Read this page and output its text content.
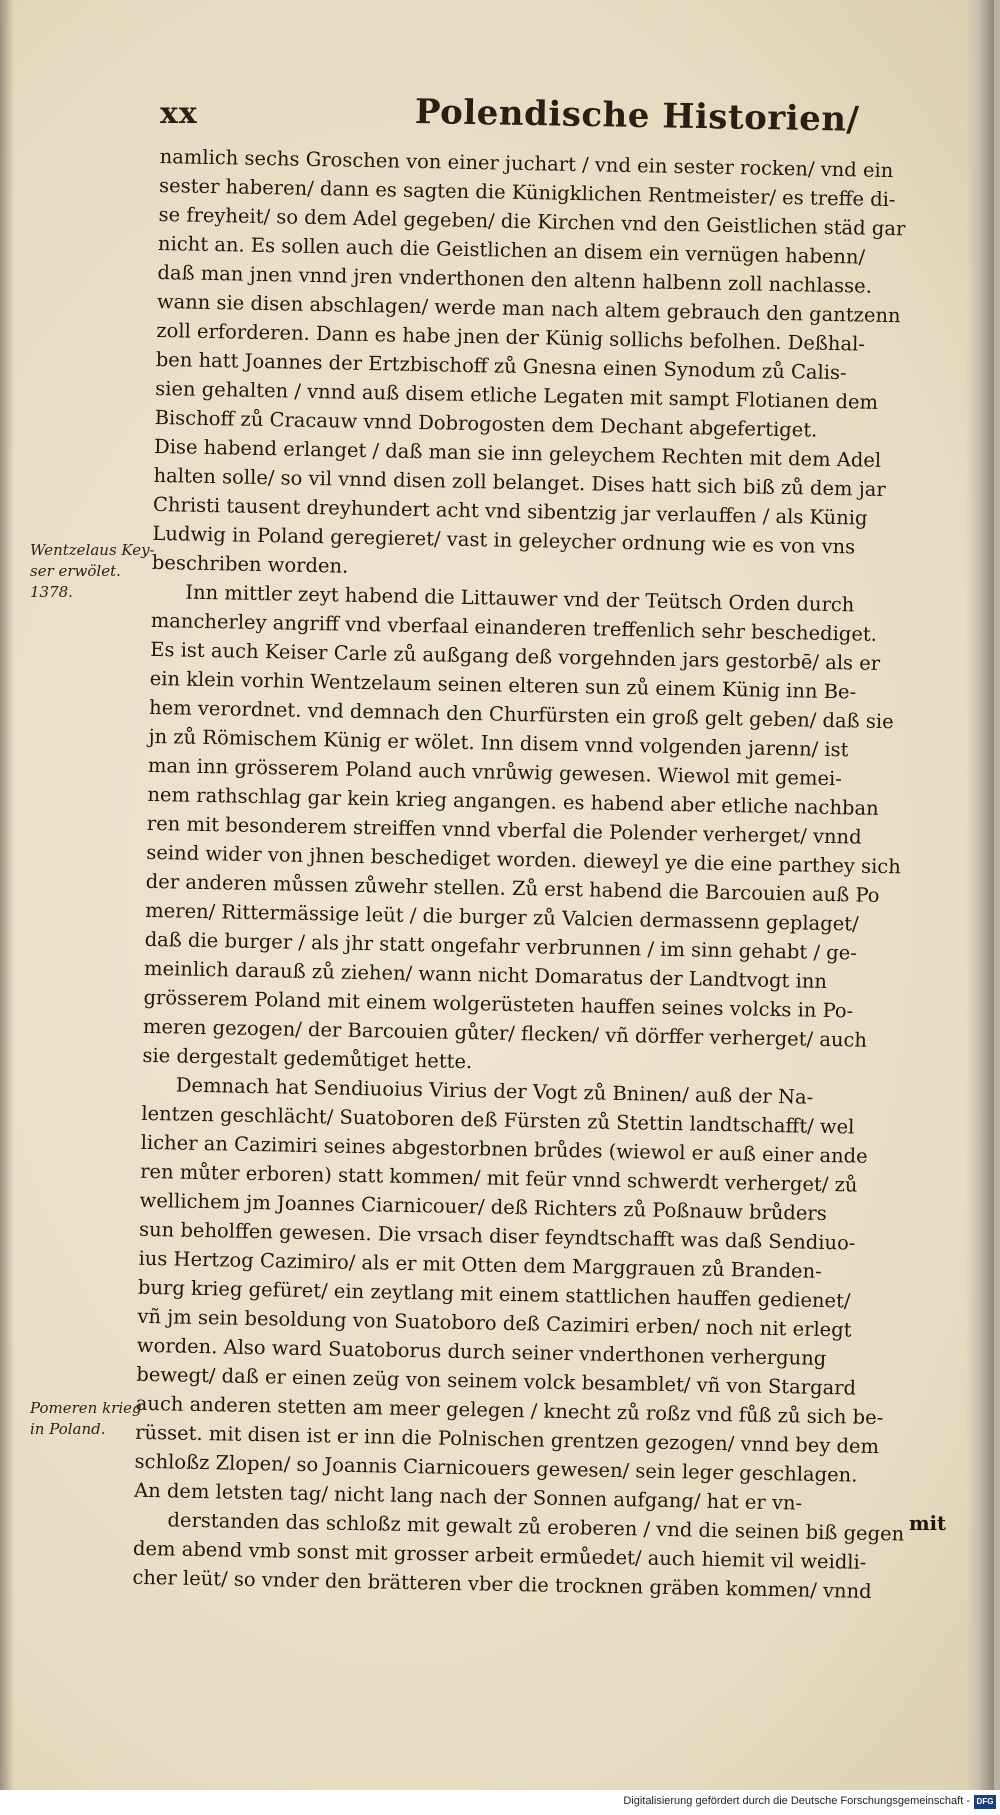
xx	Polendische Historien/
Wentzelaus Key-
ser erwölet.
1378.
Pomeren krieg
in Poland.
namlich sechs Groschen von einer juchart / vnd ein sester rocken/ vnd ein
sester haberen/ dann es sagten die Künigklichen Rentmeister/ es treffe di-
se freyheit/ so dem Adel gegeben/ die Kirchen vnd den Geistlichen städ gar
nicht an. Es sollen auch die Geistlichen an disem ein vernügen habenn/
daß man jnen vnnd jren vnderthonen den altenn halbenn zoll nachlasse.
wann sie disen abschlagen/ werde man nach altem gebrauch den gantzenn
zoll erforderen. Dann es habe jnen der Künig sollichs befolhen. Deßhal-
ben hatt Joannes der Ertzbischoff zů Gnesna einen Synodum zů Calis-
sien gehalten / vnnd auß disem etliche Legaten mit sampt Flotianen dem
Bischoff zů Cracauw vnnd Dobrogosten dem Dechant abgefertiget.
Dise habend erlanget / daß man sie inn geleychem Rechten mit dem Adel
halten solle/ so vil vnnd disen zoll belanget. Dises hatt sich biß zů dem jar
Christi tausent dreyhundert acht vnd sibentzig jar verlauffen / als Künig
Ludwig in Poland geregieret/ vast in geleycher ordnung wie es von vns
beschriben worden.
Inn mittler zeyt habend die Littauwer vnd der Teütsch Orden durch
mancherley angriff vnd vberfaal einanderen treffenlich sehr beschediget.
Es ist auch Keiser Carle zů außgang deß vorgehnden jars gestorbē/ als er
ein klein vorhin Wentzelaum seinen elteren sun zů einem Künig inn Be-
hem verordnet. vnd demnach den Churfürsten ein groß gelt geben/ daß sie
jn zů Römischem Künig er wölet. Inn disem vnnd volgenden jarenn/ ist
man inn grösserem Poland auch vnrůwig gewesen. Wiewol mit gemei-
nem rathschlag gar kein krieg angangen. es habend aber etliche nachban
ren mit besonderem streiffen vnnd vberfal die Polender verherget/ vnnd
seind wider von jhnen beschediget worden. dieweyl ye die eine parthey sich
der anderen můssen zůwehr stellen. Zů erst habend die Barcouien auß Po
meren/ Rittermässige leüt / die burger zů Valcien dermassenn geplaget/
daß die burger / als jhr statt ongefahr verbrunnen / im sinn gehabt / ge-
meinlich darauß zů ziehen/ wann nicht Domaratus der Landtvogt inn
grösserem Poland mit einem wolgerüsteten hauffen seines volcks in Po-
meren gezogen/ der Barcouien gůter/ flecken/ vñ dörffer verherget/ auch
sie dergestalt gedemůtiget hette.
Demnach hat Sendiuoius Virius der Vogt zů Bninen/ auß der Na-
lentzen geschlächt/ Suatoboren deß Fürsten zů Stettin landtschafft/ wel
licher an Cazimiri seines abgestorbnen brůdes (wiewol er auß einer ande
ren můter erboren) statt kommen/ mit feür vnnd schwerdt verherget/ zů
wellichem jm Joannes Ciarnicouer/ deß Richters zů Poßnauw brůders
sun beholffen gewesen. Die vrsach diser feyndtschafft was daß Sendiuo-
ius Hertzog Cazimiro/ als er mit Otten dem Marggrauen zů Branden-
burg krieg gefüret/ ein zeytlang mit einem stattlichen hauffen gedienet/
vñ jm sein besoldung von Suatoboro deß Cazimiri erben/ noch nit erlegt
worden. Also ward Suatoborus durch seiner vnderthonen verhergung
bewegt/ daß er einen zeüg von seinem volck besamblet/ vñ von Stargard
auch anderen stetten am meer gelegen / knecht zů roßz vnd fůß zů sich be-
rüsset. mit disen ist er inn die Polnischen grentzen gezogen/ vnnd bey dem
schloßz Zlopen/ so Joannis Ciarnicouers gewesen/ sein leger geschlagen.
An dem letsten tag/ nicht lang nach der Sonnen aufgang/ hat er vn-
derstanden das schloßz mit gewalt zů eroberen / vnd die seinen biß gegen
dem abend vmb sonst mit grosser arbeit ermůedet/ auch hiemit vil weidli-
cher leüt/ so vnder den brätteren vber die trocknen gräben kommen/ vnnd
mit
Digitalisierung gefördert durch die Deutsche Forschungsgemeinschaft - DFG
